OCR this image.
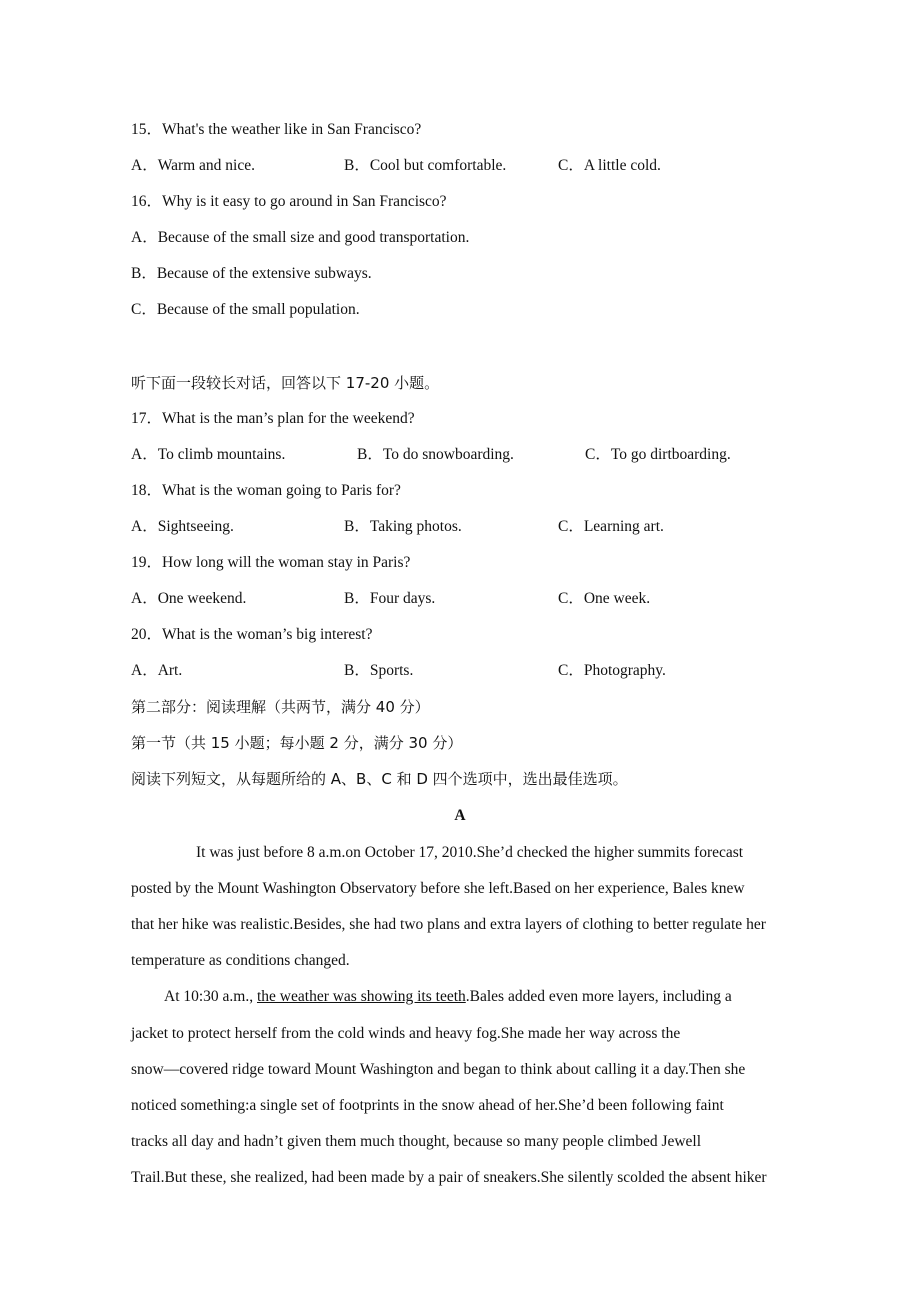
15．What's the weather like in San Francisco?
A．Warm and nice.	B．Cool but comfortable.	C．A little cold.
16．Why is it easy to go around in San Francisco?
A．Because of the small size and good transportation.
B．Because of the extensive subways.
C．Because of the small population.
听下面一段较长对话，回答以下 17-20 小题。
17．What is the man’s plan for the weekend?
A．To climb mountains.	B．To do snowboarding.	C．To go dirtboarding.
18．What is the woman going to Paris for?
A．Sightseeing.	B．Taking photos.	C．Learning art.
19．How long will the woman stay in Paris?
A．One weekend.	B．Four days.	C．One week.
20．What is the woman’s big interest?
A．Art.	B．Sports.	C．Photography.
第二部分：阅读理解（共两节，满分 40 分）
第一节（共 15 小题；每小题 2 分，满分 30 分）
阅读下列短文，从每题所给的 A、B、C 和 D 四个选项中，选出最佳选项。
A
It was just before 8 a.m.on October 17, 2010.She’d checked the higher summits forecast
posted by the Mount Washington Observatory before she left.Based on her experience, Bales knew
that her hike was realistic.Besides, she had two plans and extra layers of clothing to better regulate her
temperature as conditions changed.
At 10:30 a.m., the weather was showing its teeth.Bales added even more layers, including a
jacket to protect herself from the cold winds and heavy fog.She made her way across the
snow—covered ridge toward Mount Washington and began to think about calling it a day.Then she
noticed something:a single set of footprints in the snow ahead of her.She’d been following faint
tracks all day and hadn’t given them much thought, because so many people climbed Jewell
Trail.But these, she realized, had been made by a pair of sneakers.She silently scolded the absent hiker
